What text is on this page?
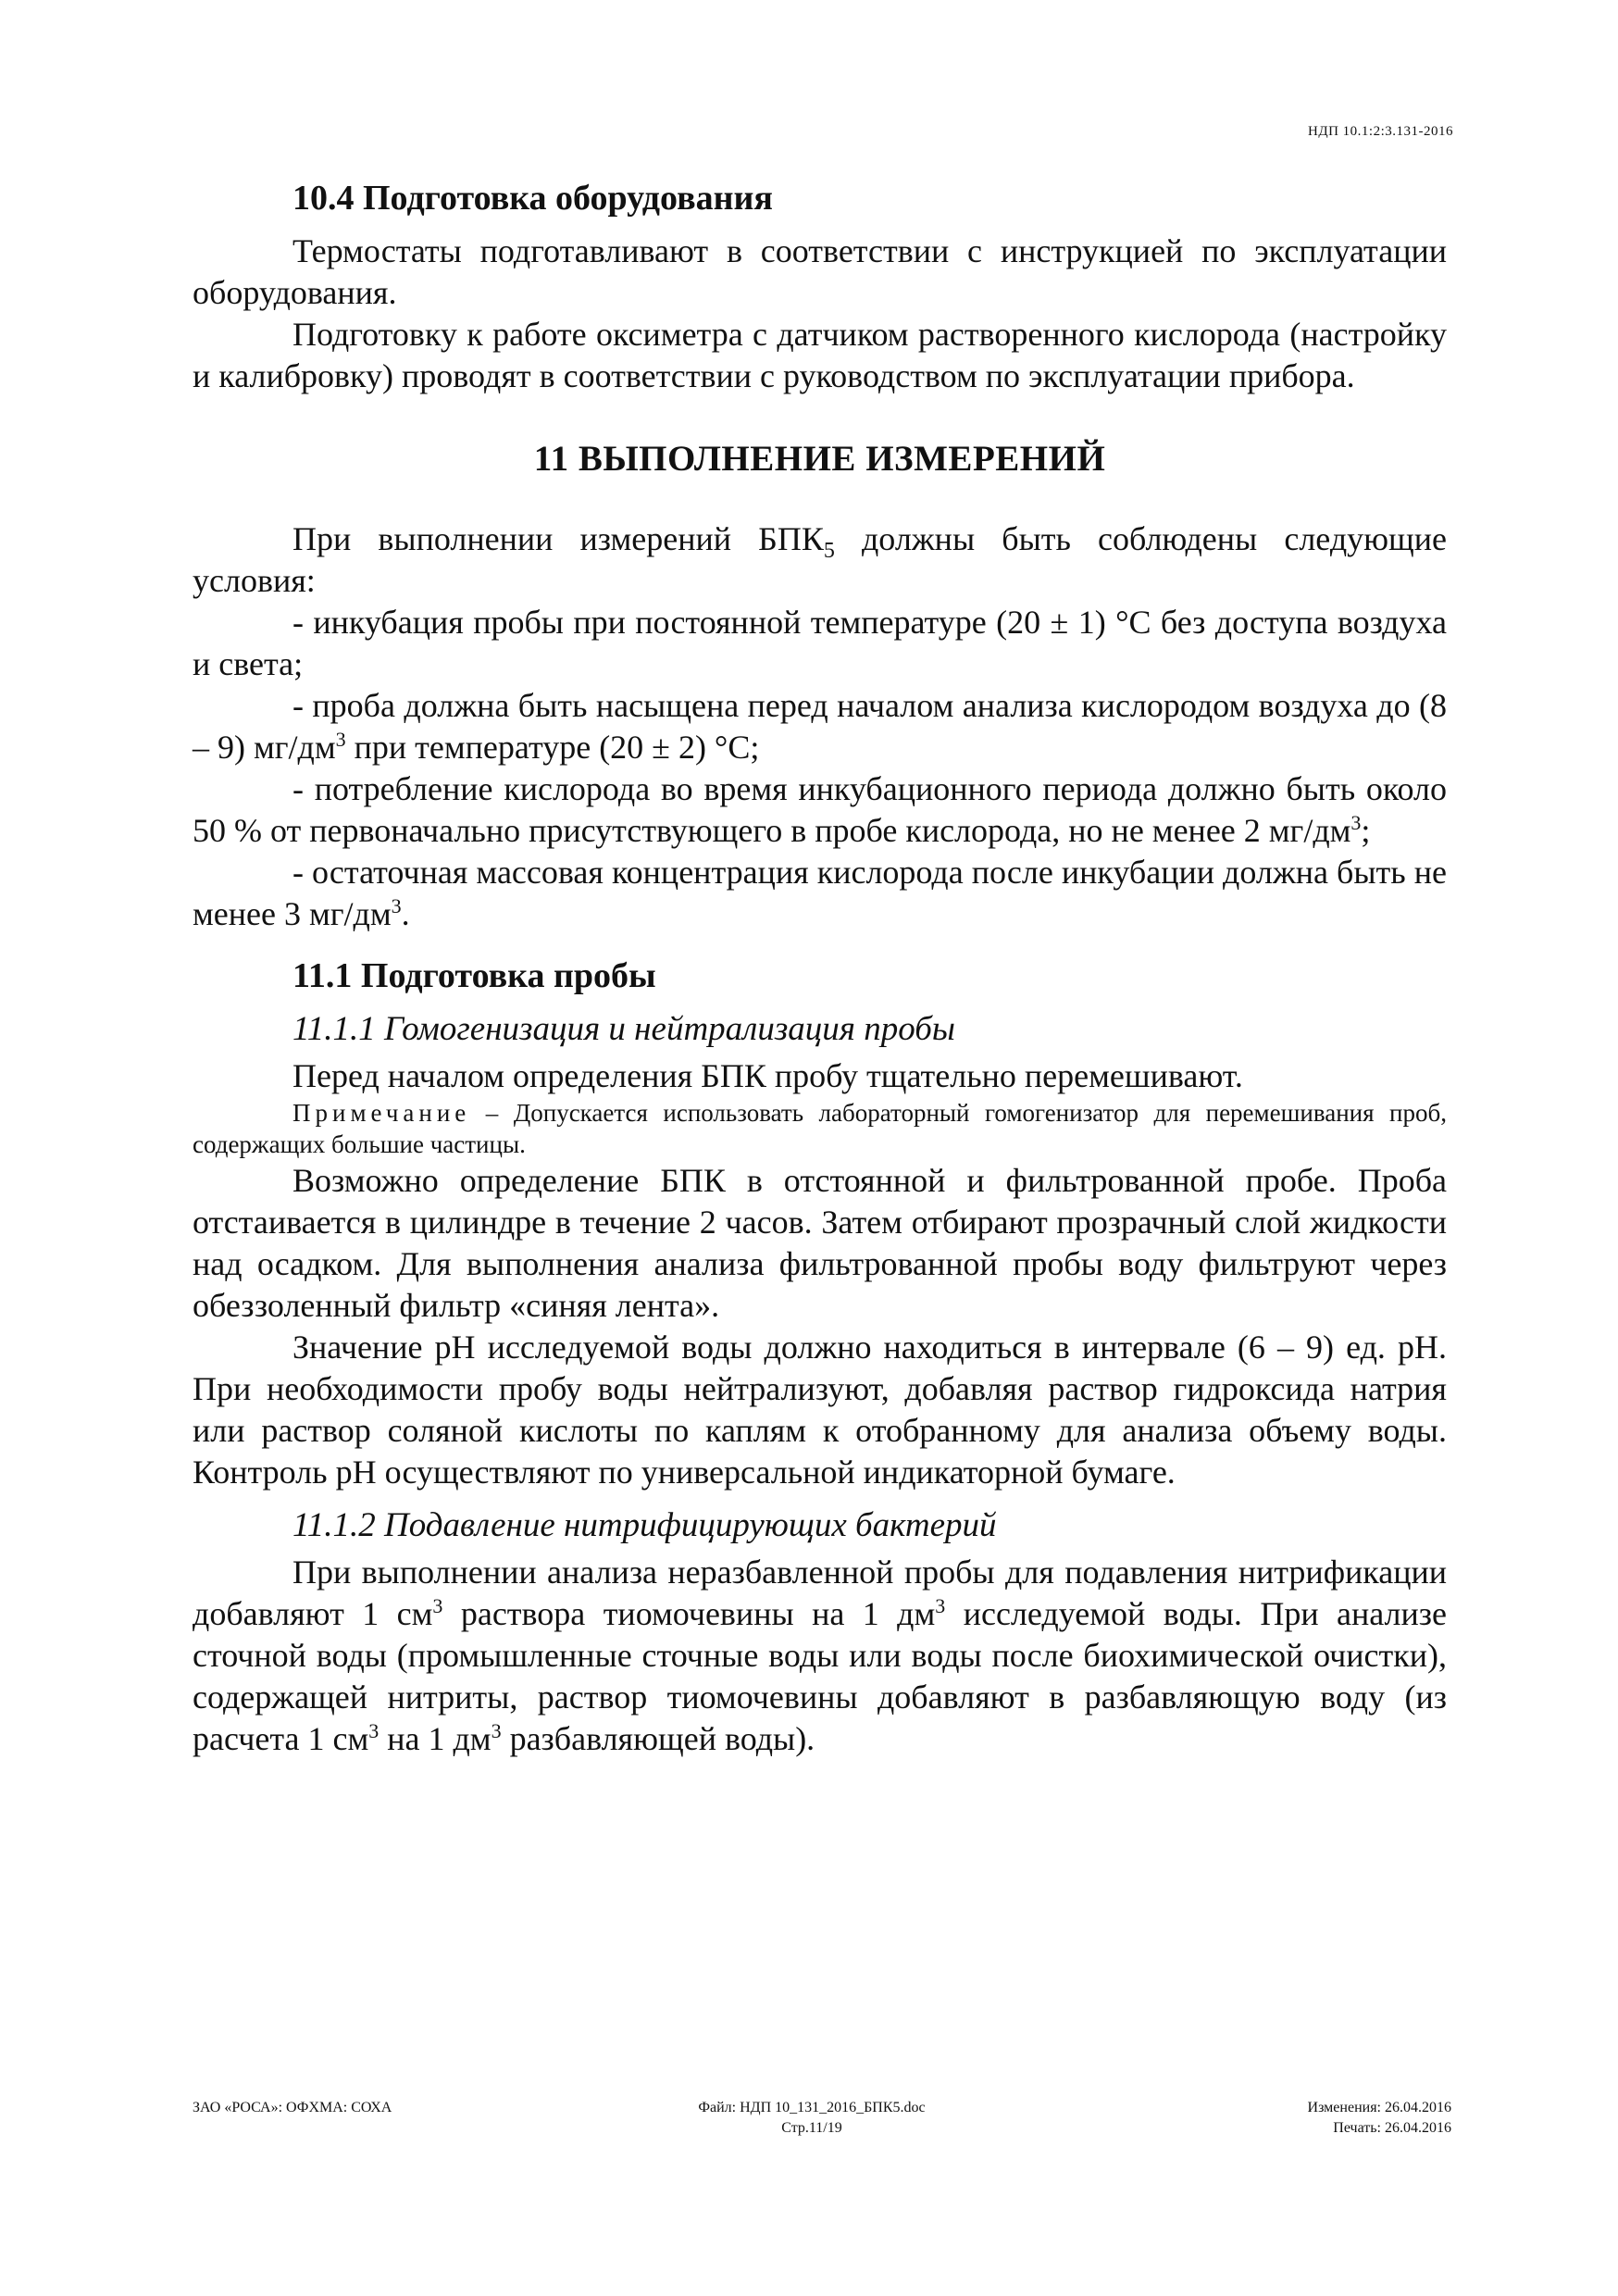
НДП 10.1:2:3.131-2016
10.4 Подготовка оборудования

Термостаты подготавливают в соответствии с инструкцией по эксплуатации оборудования.

Подготовку к работе оксиметра с датчиком растворенного кислорода (настройку и калибровку) проводят в соответствии с руководством по эксплуатации прибора.

11 ВЫПОЛНЕНИЕ ИЗМЕРЕНИЙ

При выполнении измерений $БПК_5$ должны быть соблюдены следующие условия:

- инкубация пробы при постоянной температуре (20 ± 1) °С без доступа воздуха и света;

- проба должна быть насыщена перед началом анализа кислородом воздуха до (8 – 9) $мг/дм^3$ при температуре (20 ± 2) °С;

- потребление кислорода во время инкубационного периода должно быть около 50 % от первоначально присутствующего в пробе кислорода, но не менее 2 $мг/дм^3$;

- остаточная массовая концентрация кислорода после инкубации должна быть не менее 3 $мг/дм^3$.

11.1 Подготовка пробы
11.1.1 Гомогенизация и нейтрализация пробы

Перед началом определения БПК пробу тщательно перемешивают.

Примечание – Допускается использовать лабораторный гомогенизатор для перемешивания проб, содержащих большие частицы.

Возможно определение БПК в отстоянной и фильтрованной пробе. Проба отстаивается в цилиндре в течение 2 часов. Затем отбирают прозрачный слой жидкости над осадком. Для выполнения анализа фильтрованной пробы воду фильтруют через обеззоленный фильтр «синяя лента».

Значение pH исследуемой воды должно находиться в интервале (6 – 9) ед. pH. При необходимости пробу воды нейтрализуют, добавляя раствор гидроксида натрия или раствор соляной кислоты по каплям к отобранному для анализа объему воды. Контроль pH осуществляют по универсальной индикаторной бумаге.

11.1.2 Подавление нитрифицирующих бактерий

При выполнении анализа неразбавленной пробы для подавления нитрификации добавляют 1 $см^3$ раствора тиомочевины на 1 $дм^3$ исследуемой воды. При анализе сточной воды (промышленные сточные воды или воды после биохимической очистки), содержащей нитриты, раствор тиомочевины добавляют в разбавляющую воду (из расчета 1 $см^3$ на 1 $дм^3$ разбавляющей воды).

ЗАО «РОСА»: ОФХМА: СОХА	Файл: НДП 10_131_2016_БПК5.doc
Стр.11/19
Изменения: 26.04.2016
Печать: 26.04.2016
